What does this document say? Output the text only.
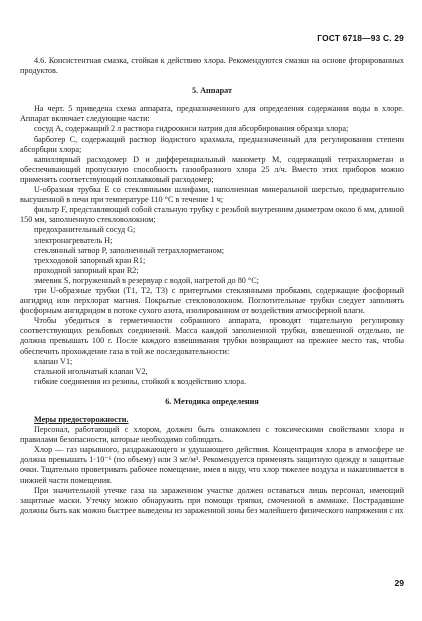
ГОСТ 6718—93 С. 29

4.6. Консистентная смазка, стойкая к действию хлора. Рекомендуются смазки на основе фторированных продуктов.

5. Аппарат

На черт. 5 приведена схема аппарата, предназначенного для определения содержания воды в хлоре. Аппарат включает следующие части:

сосуд A, содержащий 2 л раствора гидроокиси натрия для абсорбирования образца хлора;

барботер C, содержащий раствор йодистого крахмала, предназначенный для регулирования степени абсорбции хлора;

капиллярный расходомер D и дифференциальный манометр M, содержащий тетрахлорметан и обеспечивающий пропускную способность газообразного хлора 25 л/ч. Вместо этих приборов можно применять соответствующий поплавковый расходомер;

U-образная трубка E со стеклянными шлифами, наполненная минеральной шерстью, предварительно высушенной в печи при температуре 110 °С в течение 1 ч;

фильтр F, представляющий собой стальную трубку с резьбой внутренним диаметром около 6 мм, длиной 150 мм, заполненную стекловолокном;

предохранительный сосуд G;

электронагреватель H;

стеклянный затвор P, заполненный тетрахлорметаном;

трехходовой запорный кран R1;

проходной запорный кран R2;

змеевик S, погруженный в резервуар с водой, нагретой до 80 °С;

три U-образные трубки (T1, T2, T3) с притертыми стеклянными пробками, содержащие фосфорный ангидрид или перхлорат магния. Покрытые стекловолокном. Поглотительные трубки следует заполнять фосфорным ангидридом в потоке сухого азота, изолированном от воздействия атмосферной влаги.

Чтобы убедиться в герметичности собранного аппарата, проводят тщательную регулировку соответствующих резьбовых соединений. Масса каждой заполненной трубки, взвешенной отдельно, не должна превышать 100 г. После каждого взвешивания трубки возвращают на прежнее место так, чтобы обеспечить прохождение газа в той же последовательности:

клапан V1;

стальной игольчатый клапан V2,

гибкие соединения из резины, стойкой к воздействию хлора.

6. Методика определения

Меры предосторожности.

Персонал, работающий с хлором, должен быть ознакомлен с токсическими свойствами хлора и правилами безопасности, которые необходимо соблюдать.

Хлор — газ нарывного, раздражающего и удушающего действия. Концентрация хлора в атмосфере не должна превышать 1·10⁻⁶ (по объему) или 3 мг/м³. Рекомендуется применять защитную одежду и защитные очки. Тщательно проветривать рабочее помещение, имея в виду, что хлор тяжелее воздуха и накапливается в нижней части помещения.

При значительной утечке газа на зараженном участке должен оставаться лишь персонал, имеющий защитные маски. Утечку можно обнаружить при помощи тряпки, смоченной в аммиаке. Пострадавшие должны быть как можно быстрее выведены из зараженной зоны без малейшего физического напряжения с их

29
